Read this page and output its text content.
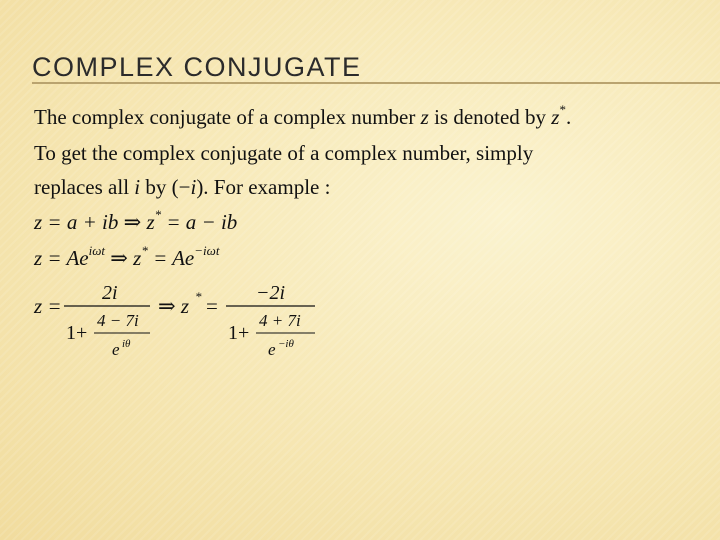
COMPLEX CONJUGATE
The complex conjugate of a complex number z is denoted by z*.
To get the complex conjugate of a complex number, simply
replaces all i by (−i). For example :
z = a + ib ⇒ z* = a − ib
$z = Ae^{i\omega t}$ ⇒ $z^* = Ae^{-i\omega t}$
z =
2i
1+
4 − 7i
e iθ
⇒ z * =
−2i
1+
4 + 7i
e −iθ
